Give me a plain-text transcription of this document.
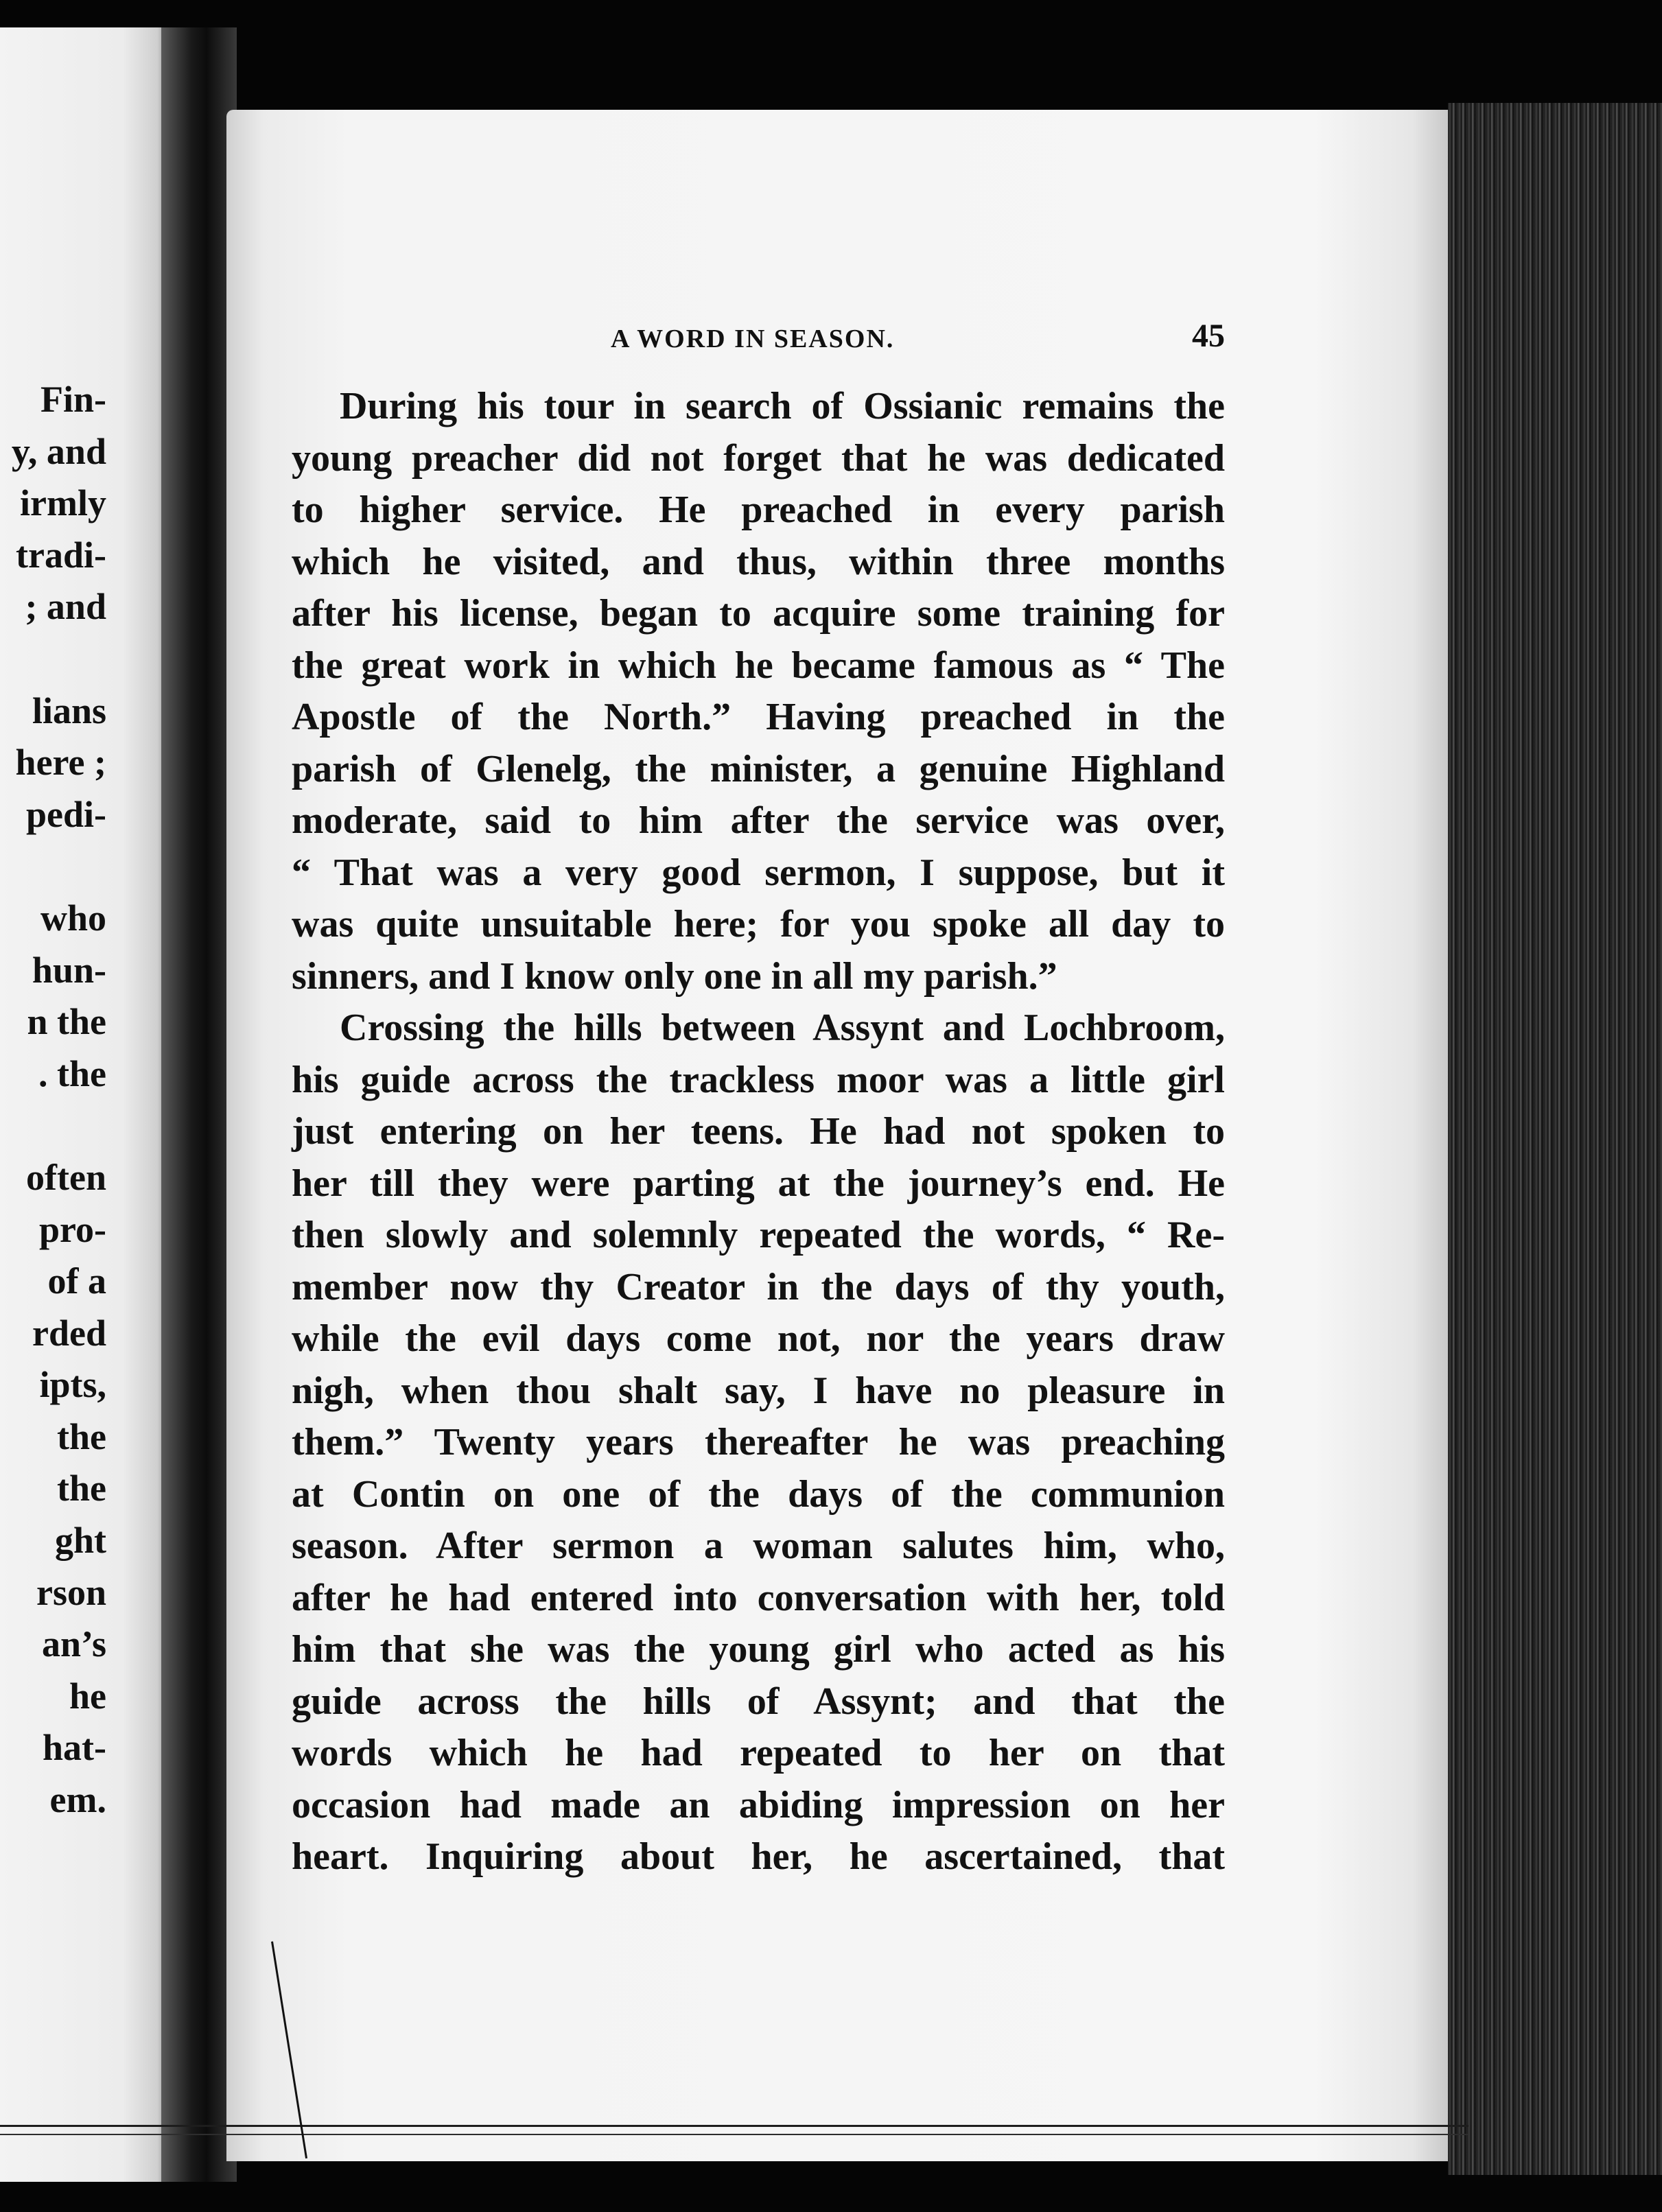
Fin-
y, and
irmly
tradi-
; and
lians
here ;
pedi-
who
hun-
n the
. the
often
pro-
of a
rded
ipts,
the
the
ght
rson
an’s
he
hat-
em.
A WORD IN SEASON.	45
During his tour in search of Ossianic remains the
young preacher did not forget that he was dedicated
to higher service. He preached in every parish
which he visited, and thus, within three months
after his license, began to acquire some training for
the great work in which he became famous as “ The
Apostle of the North.” Having preached in the
parish of Glenelg, the minister, a genuine Highland
moderate, said to him after the service was over,
“ That was a very good sermon, I suppose, but it
was quite unsuitable here; for you spoke all day to
sinners, and I know only one in all my parish.”
Crossing the hills between Assynt and Lochbroom,
his guide across the trackless moor was a little girl
just entering on her teens. He had not spoken to
her till they were parting at the journey’s end. He
then slowly and solemnly repeated the words, “ Re-
member now thy Creator in the days of thy youth,
while the evil days come not, nor the years draw
nigh, when thou shalt say, I have no pleasure in
them.” Twenty years thereafter he was preaching
at Contin on one of the days of the communion
season. After sermon a woman salutes him, who,
after he had entered into conversation with her, told
him that she was the young girl who acted as his
guide across the hills of Assynt; and that the
words which he had repeated to her on that
occasion had made an abiding impression on her
heart. Inquiring about her, he ascertained, that
